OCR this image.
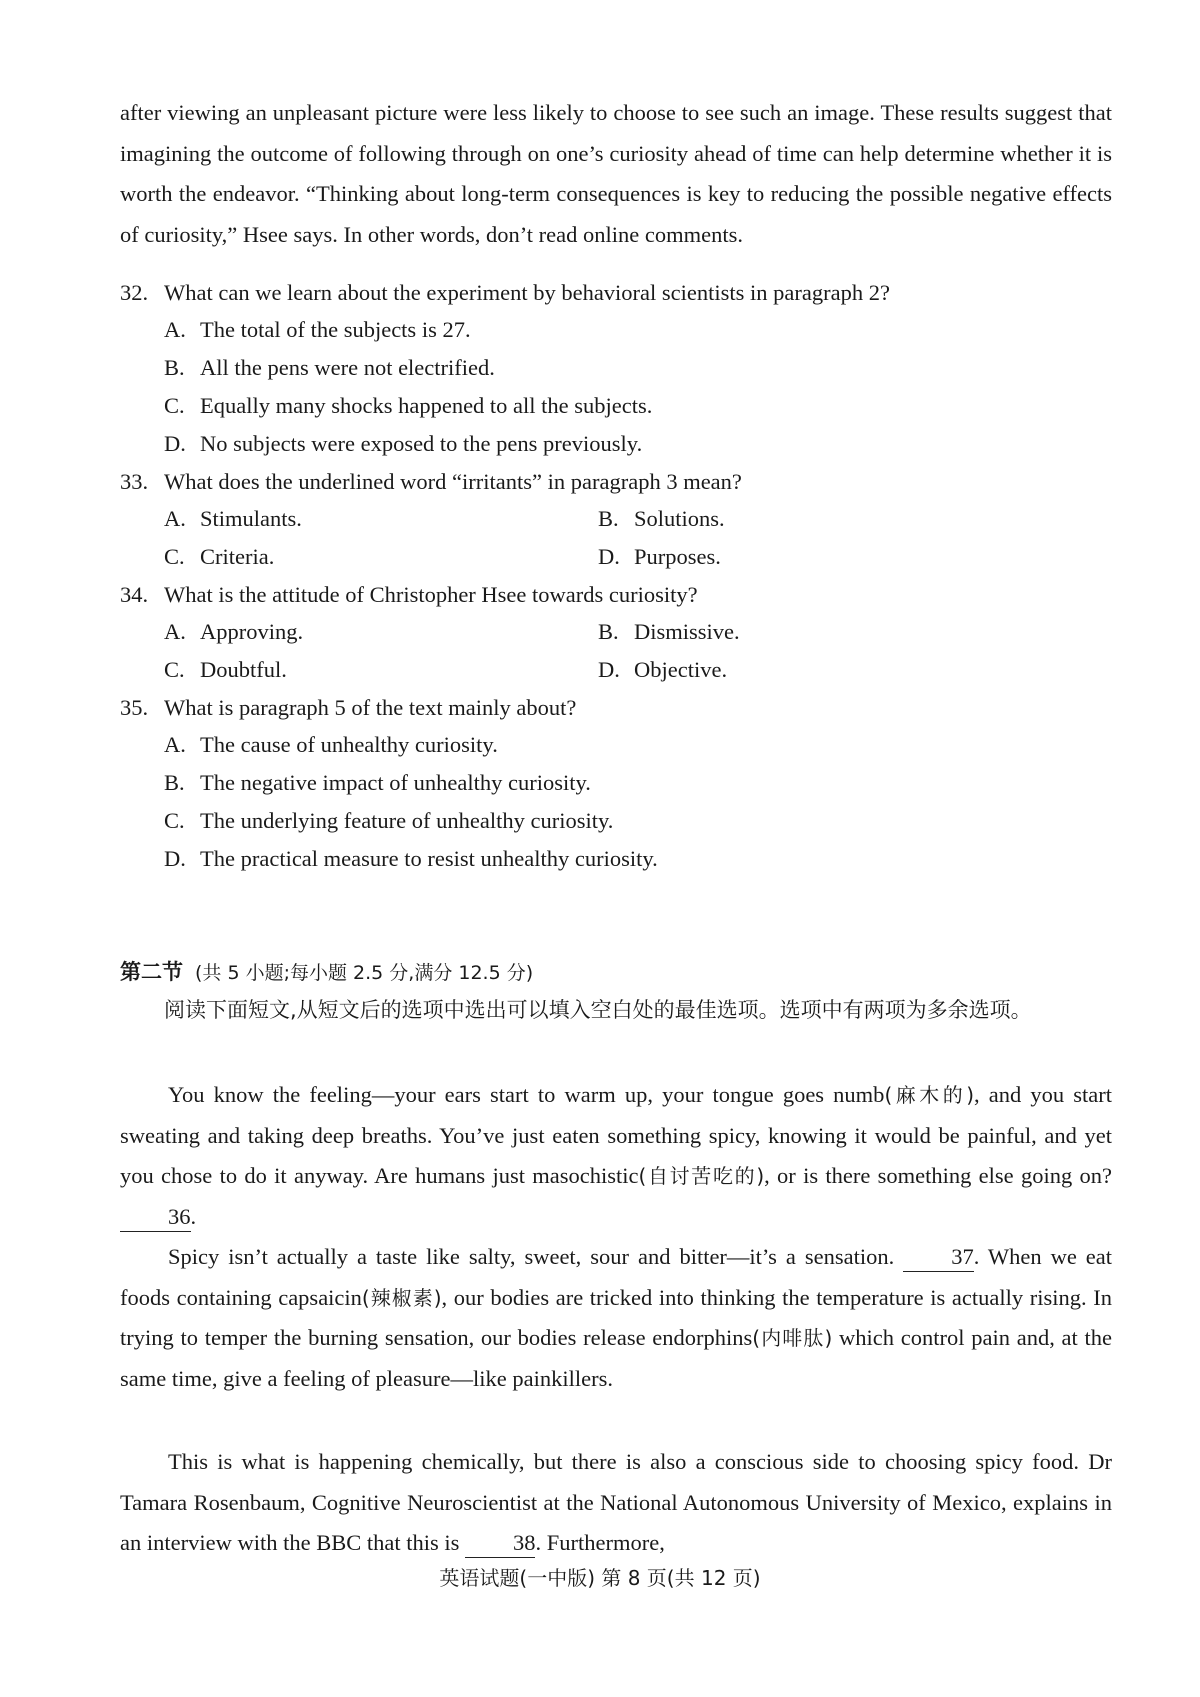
after viewing an unpleasant picture were less likely to choose to see such an image. These results suggest that imagining the outcome of following through on one’s curiosity ahead of time can help determine whether it is worth the endeavor. “Thinking about long-term consequences is key to reducing the possible negative effects of curiosity,” Hsee says. In other words, don’t read online comments.

32. What can we learn about the experiment by behavioral scientists in paragraph 2?

A. The total of the subjects is 27.

B. All the pens were not electrified.

C. Equally many shocks happened to all the subjects.

D. No subjects were exposed to the pens previously.

33. What does the underlined word “irritants” in paragraph 3 mean?

A. Stimulants.	B. Solutions.

C. Criteria.	D. Purposes.

34. What is the attitude of Christopher Hsee towards curiosity?

A. Approving.	B. Dismissive.

C. Doubtful.	D. Objective.

35. What is paragraph 5 of the text mainly about?

A. The cause of unhealthy curiosity.

B. The negative impact of unhealthy curiosity.

C. The underlying feature of unhealthy curiosity.

D. The practical measure to resist unhealthy curiosity.

第二节 (共 5 小题;每小题 2.5 分,满分 12.5 分)

阅读下面短文,从短文后的选项中选出可以填入空白处的最佳选项。选项中有两项为多余选项。

You know the feeling—your ears start to warm up, your tongue goes numb(麻木的), and you start sweating and taking deep breaths. You’ve just eaten something spicy, knowing it would be painful, and yet you chose to do it anyway. Are humans just masochistic(自讨苦吃的), or is there something else going on? 36.

Spicy isn’t actually a taste like salty, sweet, sour and bitter—it’s a sensation.	37. When we eat foods containing capsaicin(辣椒素), our bodies are tricked into thinking the temperature is actually rising. In trying to temper the burning sensation, our bodies release endorphins(内啡肽) which control pain and, at the same time, give a feeling of pleasure—like painkillers.

This is what is happening chemically, but there is also a conscious side to choosing spicy food. Dr Tamara Rosenbaum, Cognitive Neuroscientist at the National Autonomous University of Mexico, explains in an interview with the BBC that this is 38. Furthermore,

英语试题(一中版) 第 8 页(共 12 页)
